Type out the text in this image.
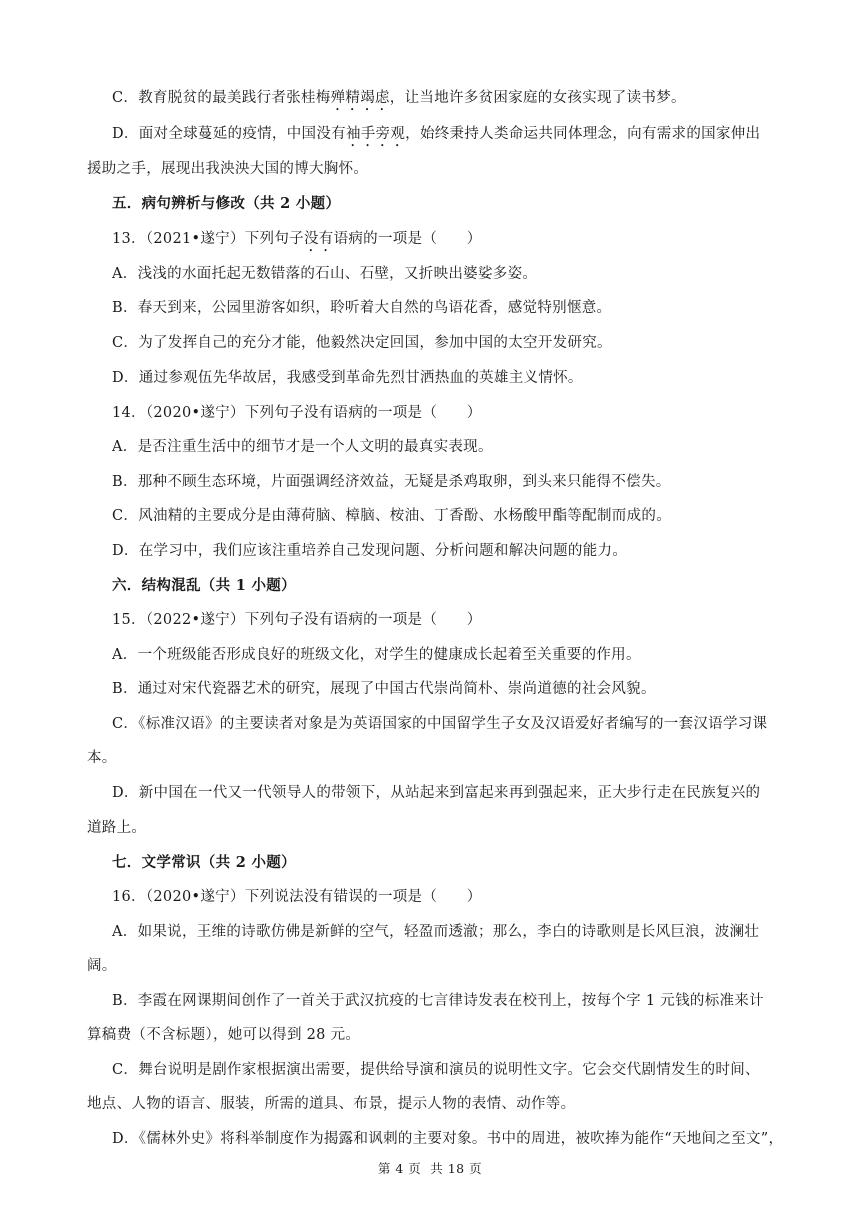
C．教育脱贫的最美践行者张桂梅殚精竭虑，让当地许多贫困家庭的女孩实现了读书梦。
D．面对全球蔓延的疫情，中国没有袖手旁观，始终秉持人类命运共同体理念，向有需求的国家伸出
援助之手，展现出我泱泱大国的博大胸怀。
五．病句辨析与修改（共 2 小题）
13．（2021•遂宁）下列句子没有语病的一项是（　　）
A．浅浅的水面托起无数错落的石山、石壁，又折映出婆娑多姿。
B．春天到来，公园里游客如织，聆听着大自然的鸟语花香，感觉特别惬意。
C．为了发挥自己的充分才能，他毅然决定回国，参加中国的太空开发研究。
D．通过参观伍先华故居，我感受到革命先烈甘洒热血的英雄主义情怀。
14．（2020•遂宁）下列句子没有语病的一项是（　　）
A．是否注重生活中的细节才是一个人文明的最真实表现。
B．那种不顾生态环境，片面强调经济效益，无疑是杀鸡取卵，到头来只能得不偿失。
C．风油精的主要成分是由薄荷脑、樟脑、桉油、丁香酚、水杨酸甲酯等配制而成的。
D．在学习中，我们应该注重培养自己发现问题、分析问题和解决问题的能力。
六．结构混乱（共 1 小题）
15．（2022•遂宁）下列句子没有语病的一项是（　　）
A．一个班级能否形成良好的班级文化，对学生的健康成长起着至关重要的作用。
B．通过对宋代瓷器艺术的研究，展现了中国古代崇尚简朴、崇尚道德的社会风貌。
C．《标准汉语》的主要读者对象是为英语国家的中国留学生子女及汉语爱好者编写的一套汉语学习课
本。
D．新中国在一代又一代领导人的带领下，从站起来到富起来再到强起来，正大步行走在民族复兴的
道路上。
七．文学常识（共 2 小题）
16．（2020•遂宁）下列说法没有错误的一项是（　　）
A．如果说，王维的诗歌仿佛是新鲜的空气，轻盈而透澈；那么，李白的诗歌则是长风巨浪，波澜壮
阔。
B．李霞在网课期间创作了一首关于武汉抗疫的七言律诗发表在校刊上，按每个字 1 元钱的标准来计
算稿费（不含标题），她可以得到 28 元。
C．舞台说明是剧作家根据演出需要，提供给导演和演员的说明性文字。它会交代剧情发生的时间、
地点、人物的语言、服装，所需的道具、布景，提示人物的表情、动作等。
D．《儒林外史》将科举制度作为揭露和讽刺的主要对象。书中的周进，被吹捧为能作“天地间之至文”，
第 4 页  共 18 页
